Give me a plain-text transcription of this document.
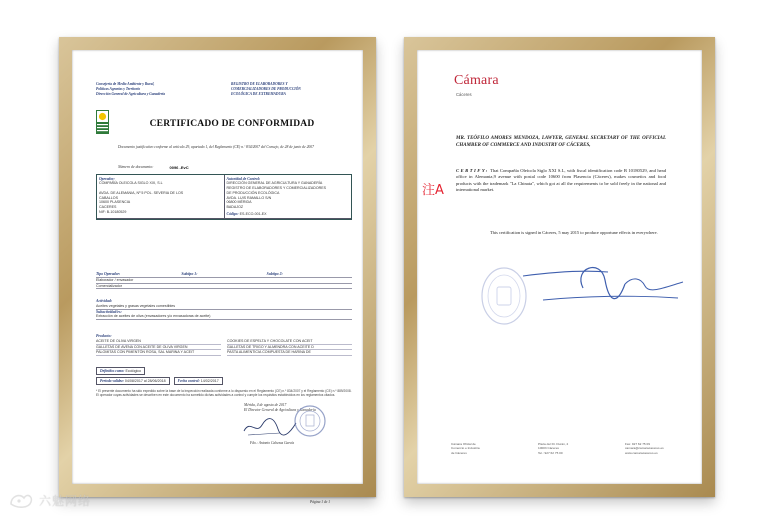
Consejería de Medio Ambiente y Rural,
Políticas Agrarias y Territorio
Dirección General de Agricultura y Ganadería
REGISTRO DE ELABORADORES Y
COMERCIALIZADORES DE PRODUCCIÓN
ECOLÓGICA DE EXTREMADURA
CERTIFICADO DE CONFORMIDAD
Documento justificativo conforme al artículo 29, apartado 1, del Reglamento (CE) n.º 834/2007 del Consejo, de 28 de junio de 2007
Número de documento:	0096 -EvC
Operador:
COMPAÑÍA OLEICOLA SIGLO XXI, S.L

AVDA. DE ALEMANIA, Nº 5 POL. SEVERIA DE LOS
CABALLOS
10600 PLASENCIA
CACERES
NIF: B-10180529
Autoridad de Control:
DIRECCIÓN GENERAL DE AGRICULTURA Y GANADERÍA
REGISTRO DE ELABORADORES Y COMERCIALIZADORES
DE PRODUCCIÓN ECOLÓGICA
AVDA. LUIS RAMALLO S/N
06800 MÉRIDA
BADAJOZ
Código: ES-ECO-001-EX
Tipo Operador:	Subtipo 1:	Subtipo 2:
Elaborador / envasador

Comercializador

Actividad:
Aceites vegetales y grasas vegetales comestibles
Subactividad/es:
Extracción de aceites de oliva (envasadores y/o envasadoras de aceite)
Producto:
ACEITE DE OLIVA VIRGEN	COOKIES DE ESPELTA Y CHOCOLATE CON ACEIT
GALLETAS DE AVENA CON ACEITE DE OLIVA VIRGEN	GALLETAS DE TRIGO Y ALMENDRA CON ACEITE D
PALOMITAS CON PIMENTÓN ROSA, SAL MARINA Y ACEIT	PASTA ALIMENTICIA COMPUESTA DE HARINA DE
Definidos como: Ecológico
Periodo validez: 04/08/2017 al 28/06/2018	Fecha control: 14/02/2017
* El presente documento ha sido expedido sobre la base de la inspección realizada conforme a lo dispuesto en el Reglamento (CE) n.º 834/2007 y el Reglamento (CE) n.º 889/2008. El operador cuyas actividades se describen en este documento ha sometido dichas actividades a control y cumple los requisitos establecidos en los reglamentos citados.
Mérida, 4 de agosto de 2017
El Director General de Agricultura y Ganadería
Fdo.: Antonio Cabezas García
Página 1 de 1
Cámara
Cáceres
MR. TEÓFILO AMORES MENDOZA, LAWYER, GENERAL SECRETARY OF THE OFFICIAL CHAMBER OF COMMERCE AND INDUSTRY OF CÁCERES,
CERTIFY: That Compañía Oleícola Siglo XXI S.L, with fiscal identification code B 10180529, and head office in Alemania,9 avenue with postal code 10600 from Plasencia (Cáceres), makes cosmetics and food products with the trademark "La Chinata", which got at all the requirements to be sold freely in the national and international market.
注A
This certification is signed in Cáceres, 5 may 2015 to produce opportune effects in everywhere.
Cámara Oficial de
Comercio e Industria
de Cáceres
Plaza del Dr. Durán, 2
10003 Cáceres
Tel.: 927 62 75 00
Fax: 927 62 75 09
camara@camaracaceres.es
www.camaracaceres.es
六魅网络
